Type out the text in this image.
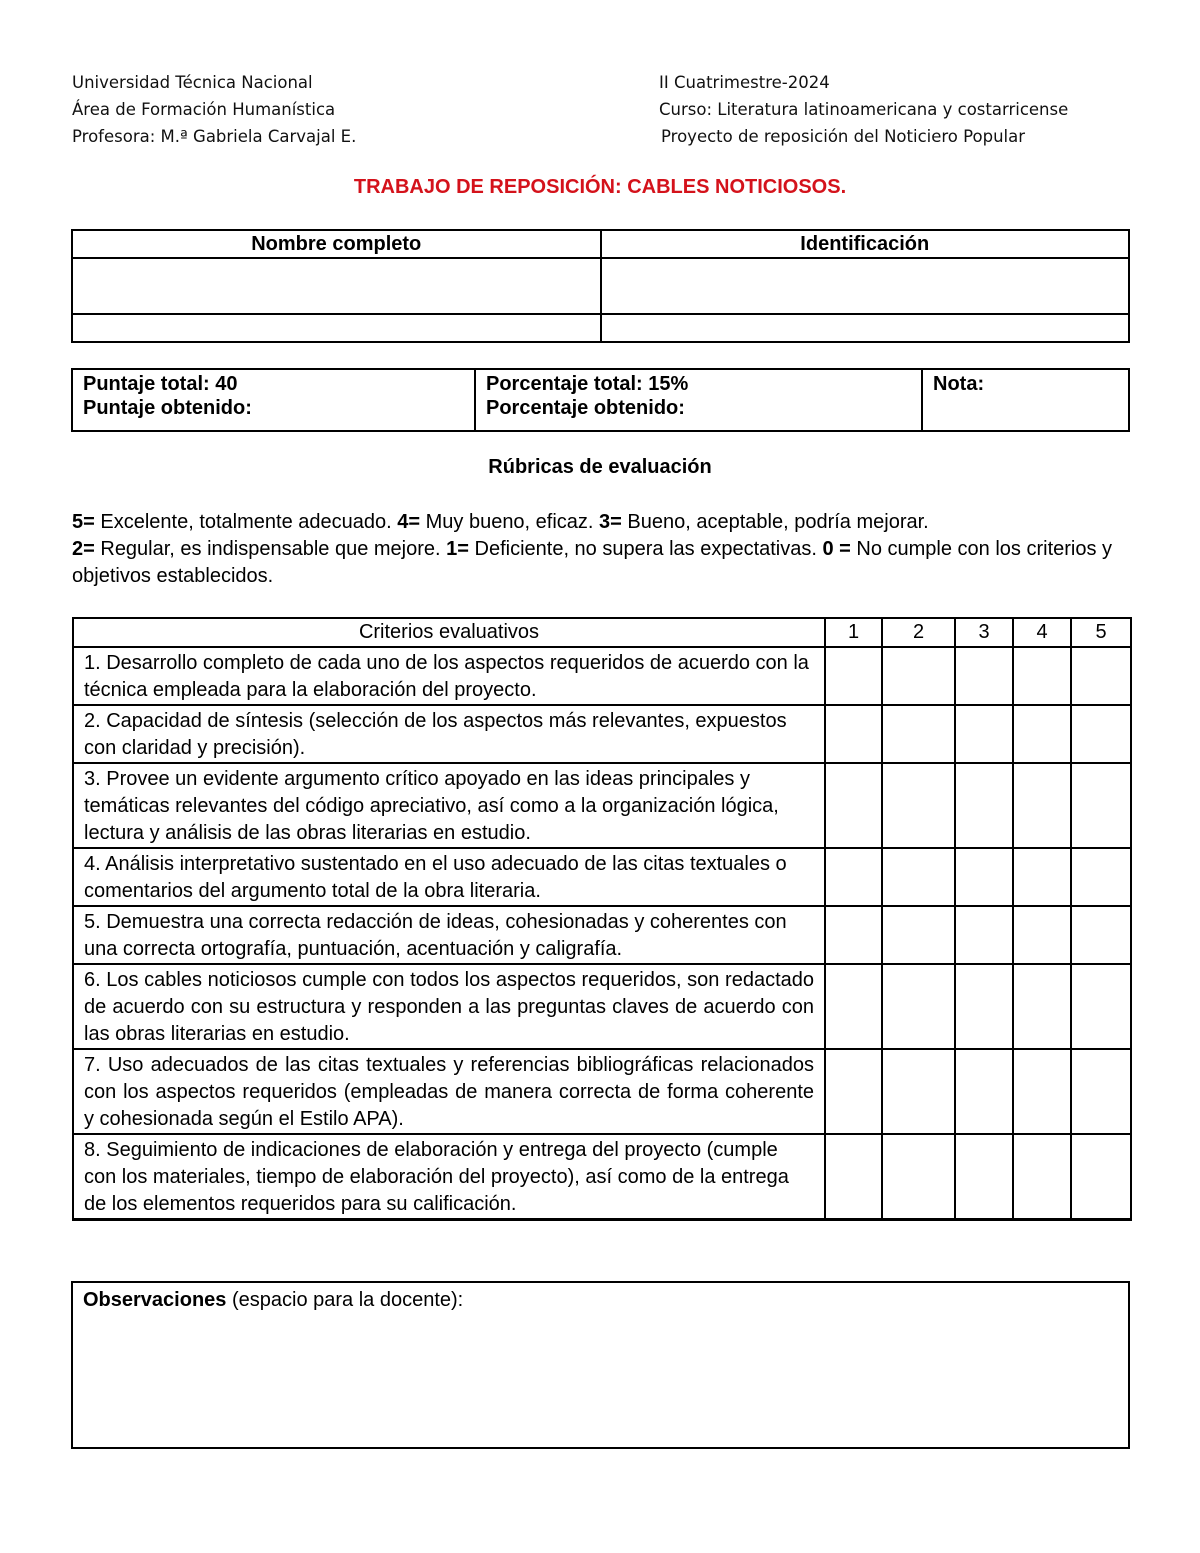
Universidad Técnica Nacional
Área de Formación Humanística
Profesora: M.ª Gabriela Carvajal E.
II Cuatrimestre-2024
Curso: Literatura latinoamericana y costarricense
Proyecto de reposición del Noticiero Popular
TRABAJO DE REPOSICIÓN: CABLES NOTICIOSOS.
Nombre completo	Identificación

Puntaje total: 40
Puntaje obtenido:

Porcentaje total: 15%
Porcentaje obtenido:

Nota:
Rúbricas de evaluación
5= Excelente, totalmente adecuado. 4= Muy bueno, eficaz. 3= Bueno, aceptable, podría mejorar.
2= Regular, es indispensable que mejore. 1= Deficiente, no supera las expectativas. 0 = No cumple con los criterios y objetivos establecidos.
Criterios evaluativos	1	2	3	4	5
1. Desarrollo completo de cada uno de los aspectos requeridos de acuerdo con la técnica empleada para la elaboración del proyecto.					
2. Capacidad de síntesis (selección de los aspectos más relevantes, expuestos con claridad y precisión).					
3. Provee un evidente argumento crítico apoyado en las ideas principales y temáticas relevantes del código apreciativo, así como a la organización lógica, lectura y análisis de las obras literarias en estudio.					
4. Análisis interpretativo sustentado en el uso adecuado de las citas textuales o comentarios del argumento total de la obra literaria.					
5. Demuestra una correcta redacción de ideas, cohesionadas y coherentes con una correcta ortografía, puntuación, acentuación y caligrafía.					
6. Los cables noticiosos cumple con todos los aspectos requeridos, son redactado de acuerdo con su estructura y responden a las preguntas claves de acuerdo con las obras literarias en estudio.					
7. Uso adecuados de las citas textuales y referencias bibliográficas relacionados con los aspectos requeridos (empleadas de manera correcta de forma coherente y cohesionada según el Estilo APA).					
8. Seguimiento de indicaciones de elaboración y entrega del proyecto (cumple con los materiales, tiempo de elaboración del proyecto), así como de la entrega de los elementos requeridos para su calificación.					
Observaciones (espacio para la docente):
